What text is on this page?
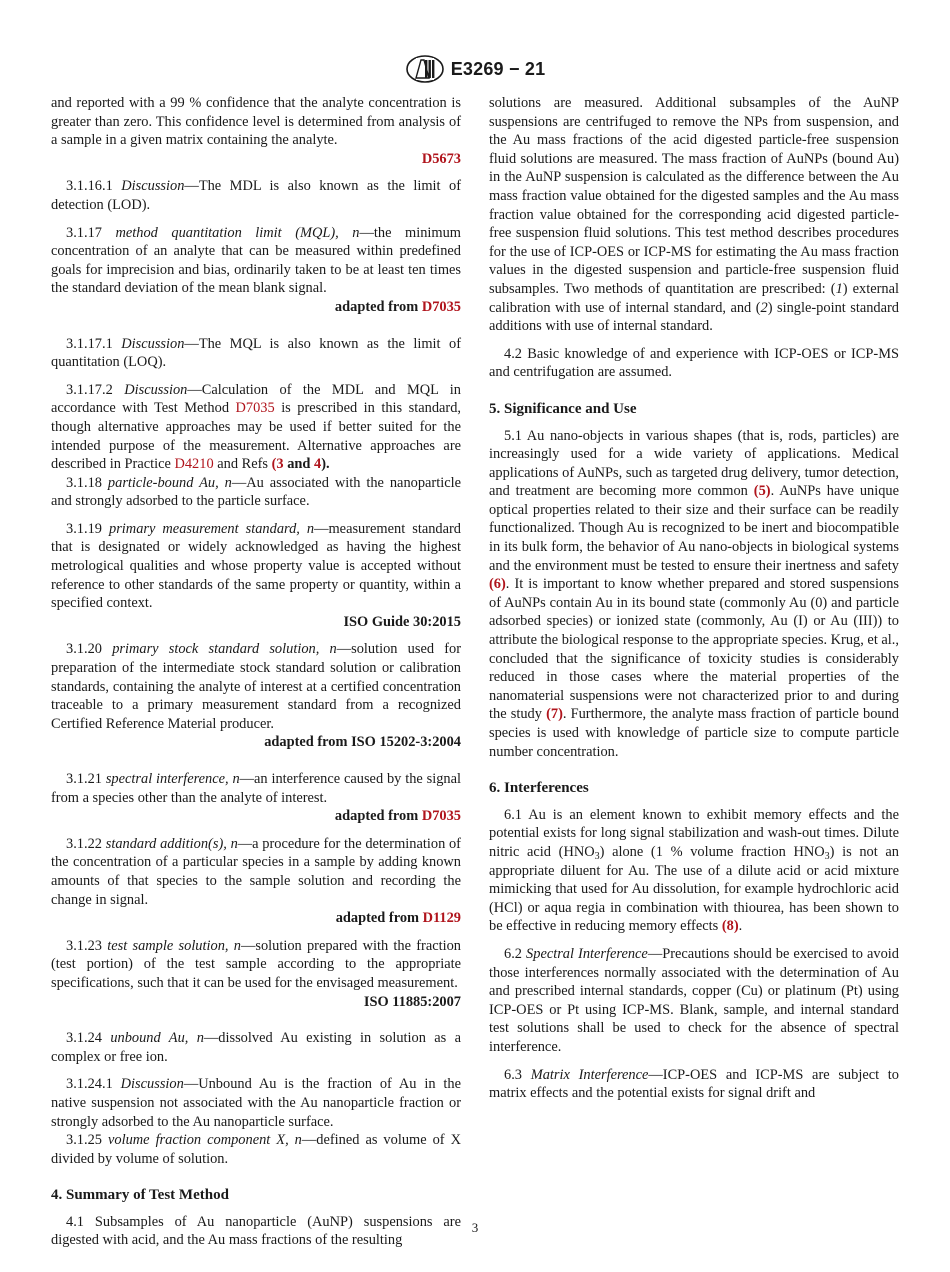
E3269 − 21

and reported with a 99 % confidence that the analyte concentration is greater than zero. This confidence level is determined from analysis of a sample in a given matrix containing the analyte.

D5673

3.1.16.1 Discussion—The MDL is also known as the limit of detection (LOD).

3.1.17 method quantitation limit (MQL), n—the minimum concentration of an analyte that can be measured within predefined goals for imprecision and bias, ordinarily taken to be at least ten times the standard deviation of the mean blank signal.
adapted from D7035

3.1.17.1 Discussion—The MQL is also known as the limit of quantitation (LOQ).

3.1.17.2 Discussion—Calculation of the MDL and MQL in accordance with Test Method D7035 is prescribed in this standard, though alternative approaches may be used if better suited for the intended purpose of the measurement. Alternative approaches are described in Practice D4210 and Refs (3 and 4).

3.1.18 particle-bound Au, n—Au associated with the nanoparticle and strongly adsorbed to the particle surface.

3.1.19 primary measurement standard, n—measurement standard that is designated or widely acknowledged as having the highest metrological qualities and whose property value is accepted without reference to other standards of the same property or quantity, within a specified context.

ISO Guide 30:2015

3.1.20 primary stock standard solution, n—solution used for preparation of the intermediate stock standard solution or calibration standards, containing the analyte of interest at a certified concentration traceable to a primary measurement standard from a recognized Certified Reference Material producer.
adapted from ISO 15202-3:2004

3.1.21 spectral interference, n—an interference caused by the signal from a species other than the analyte of interest.

adapted from D7035

3.1.22 standard addition(s), n—a procedure for the determination of the concentration of a particular species in a sample by adding known amounts of that species to the sample solution and recording the change in signal.

adapted from D1129

3.1.23 test sample solution, n—solution prepared with the fraction (test portion) of the test sample according to the appropriate specifications, such that it can be used for the envisaged measurement.
ISO 11885:2007

3.1.24 unbound Au, n—dissolved Au existing in solution as a complex or free ion.

3.1.24.1 Discussion—Unbound Au is the fraction of Au in the native suspension not associated with the Au nanoparticle fraction or strongly adsorbed to the Au nanoparticle surface.

3.1.25 volume fraction component X, n—defined as volume of X divided by volume of solution.

4. Summary of Test Method

4.1 Subsamples of Au nanoparticle (AuNP) suspensions are digested with acid, and the Au mass fractions of the resulting

solutions are measured. Additional subsamples of the AuNP suspensions are centrifuged to remove the NPs from suspension, and the Au mass fractions of the acid digested particle-free suspension fluid solutions are measured. The mass fraction of AuNPs (bound Au) in the AuNP suspension is calculated as the difference between the Au mass fraction value obtained for the digested samples and the Au mass fraction value obtained for the corresponding acid digested particle-free suspension fluid solutions. This test method describes procedures for the use of ICP-OES or ICP-MS for estimating the Au mass fraction values in the digested suspension and particle-free suspension fluid subsamples. Two methods of quantitation are prescribed: (1) external calibration with use of internal standard, and (2) single-point standard additions with use of internal standard.

4.2 Basic knowledge of and experience with ICP-OES or ICP-MS and centrifugation are assumed.

5. Significance and Use

5.1 Au nano-objects in various shapes (that is, rods, particles) are increasingly used for a wide variety of applications. Medical applications of AuNPs, such as targeted drug delivery, tumor detection, and treatment are becoming more common (5). AuNPs have unique optical properties related to their size and their surface can be readily functionalized. Though Au is recognized to be inert and biocompatible in its bulk form, the behavior of Au nano-objects in biological systems and the environment must be tested to ensure their inertness and safety (6). It is important to know whether prepared and stored suspensions of AuNPs contain Au in its bound state (commonly Au (0) and particle adsorbed species) or ionized state (commonly, Au (I) or Au (III)) to attribute the biological response to the appropriate species. Krug, et al., concluded that the significance of toxicity studies is considerably reduced in those cases where the material properties of the nanomaterial suspensions were not characterized prior to and during the study (7). Furthermore, the analyte mass fraction of particle bound species is used with knowledge of particle size to compute particle number concentration.

6. Interferences

6.1 Au is an element known to exhibit memory effects and the potential exists for long signal stabilization and wash-out times. Dilute nitric acid $(HNO_3)$ alone (1 % volume fraction $HNO_3$) is not an appropriate diluent for Au. The use of a dilute acid or acid mixture mimicking that used for Au dissolution, for example hydrochloric acid (HCl) or aqua regia in combination with thiourea, has been shown to be effective in reducing memory effects (8).

6.2 Spectral Interference—Precautions should be exercised to avoid those interferences normally associated with the determination of Au and prescribed internal standards, copper (Cu) or platinum (Pt) using ICP-OES or Pt using ICP-MS. Blank, sample, and internal standard test solutions shall be used to check for the absence of spectral interference.

6.3 Matrix Interference—ICP-OES and ICP-MS are subject to matrix effects and the potential exists for signal drift and

3
